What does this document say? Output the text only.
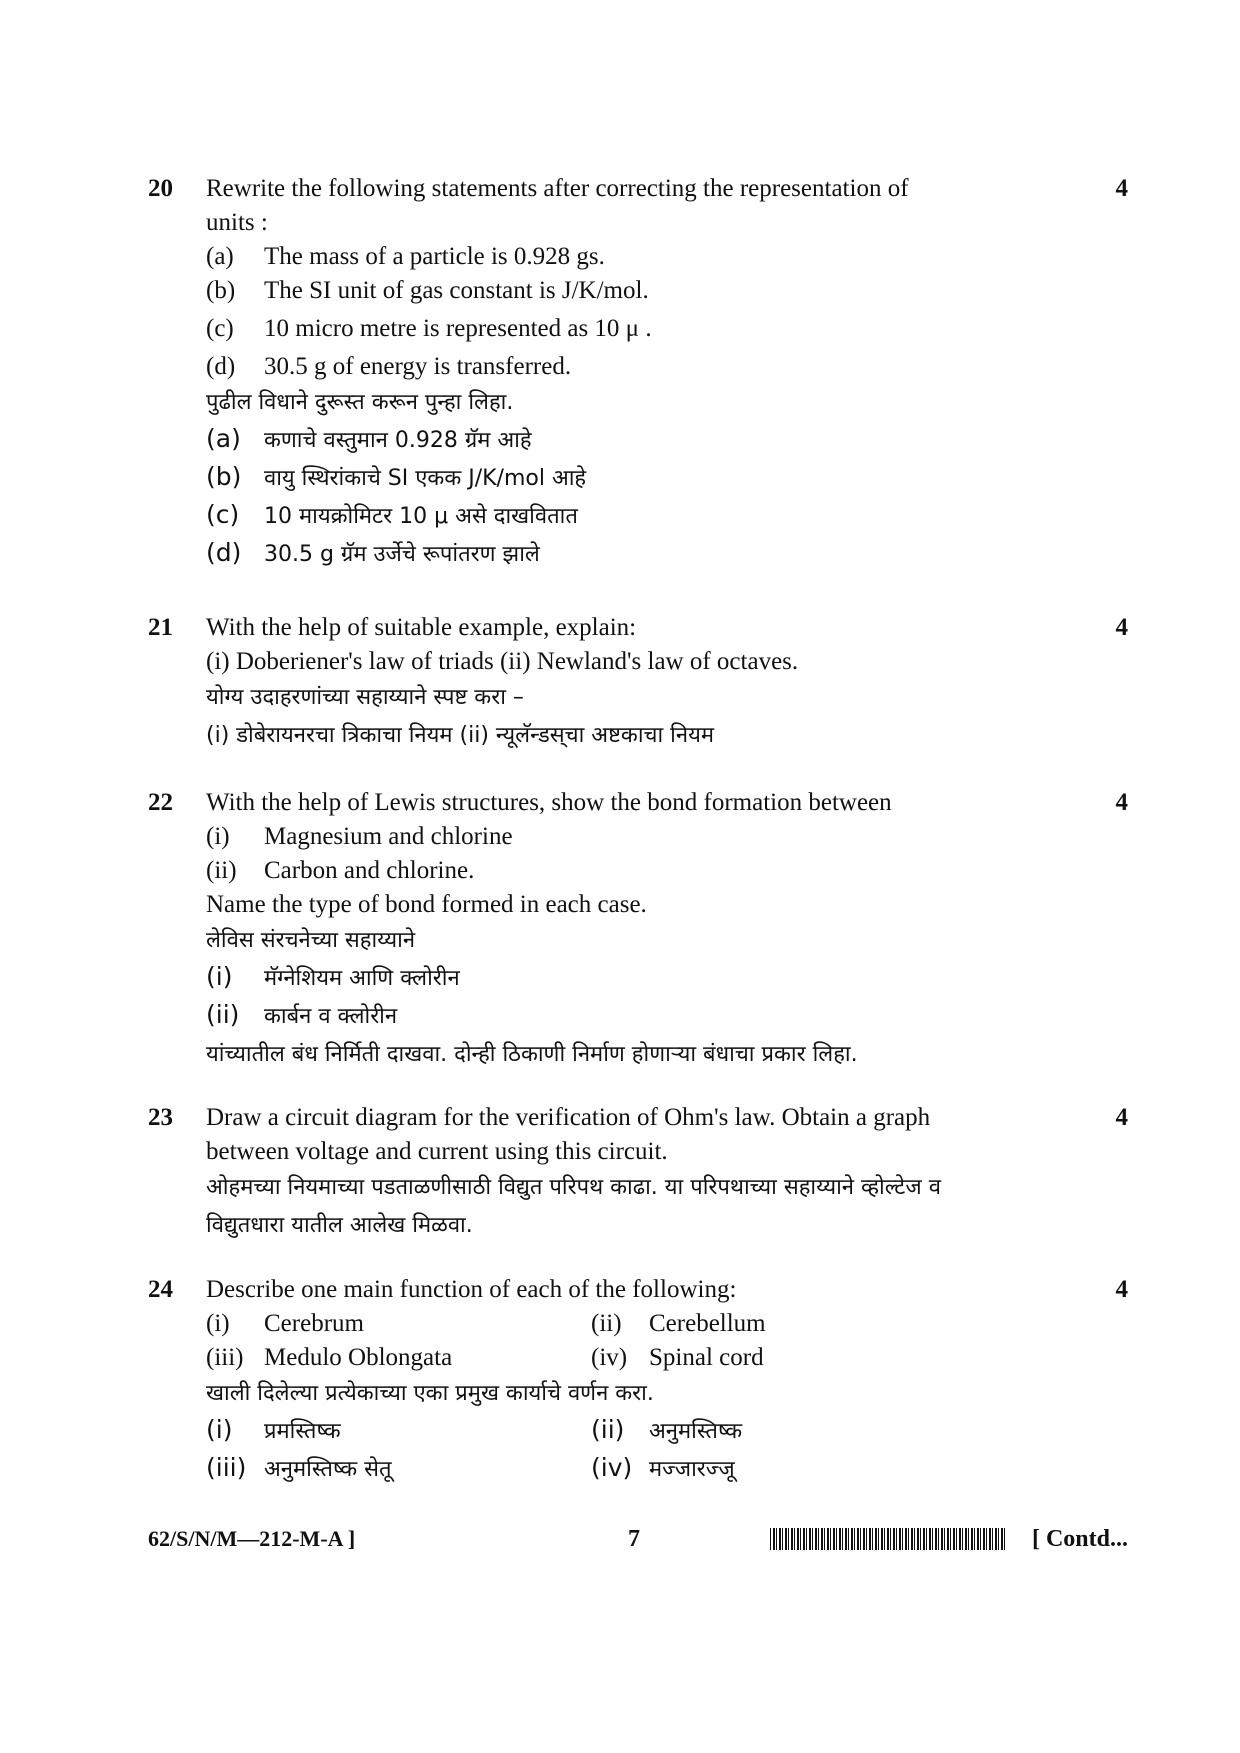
20	4
Rewrite the following statements after correcting the representation of
units :
(a)	The mass of a particle is 0.928 gs.
(b)	The SI unit of gas constant is J/K/mol.
(c)	10 micro metre is represented as 10 μ .
(d)	30.5 g of energy is transferred.
पुढील विधाने दुरूस्त करून पुन्हा लिहा.
(a)	कणाचे वस्तुमान 0.928 ग्रॅम आहे
(b)	वायु स्थिरांकाचे SI एकक J/K/mol आहे
(c)	10 मायक्रोमिटर 10 μ असे दाखवितात
(d)	30.5 g ग्रॅम उर्जेचे रूपांतरण झाले
21	4
With the help of suitable example, explain:
(i) Doberiener's law of triads (ii) Newland's law of octaves.
योग्य उदाहरणांच्या सहाय्याने स्पष्ट करा –
(i) डोबेरायनरचा त्रिकाचा नियम (ii) न्यूलॅन्डस्‌चा अष्टकाचा नियम
22	4
With the help of Lewis structures, show the bond formation between
(i)	Magnesium and chlorine
(ii)	Carbon and chlorine.
Name the type of bond formed in each case.
लेविस संरचनेच्या सहाय्याने
(i)	मॅग्नेशियम आणि क्लोरीन
(ii)	कार्बन व क्लोरीन
यांच्यातील बंध निर्मिती दाखवा. दोन्ही ठिकाणी निर्माण होणाऱ्या बंधाचा प्रकार लिहा.
23	4
Draw a circuit diagram for the verification of Ohm's law. Obtain a graph
between voltage and current using this circuit.
ओहमच्या नियमाच्या पडताळणीसाठी विद्युत परिपथ काढा. या परिपथाच्या सहाय्याने व्होल्टेज व
विद्युतधारा यातील आलेख मिळवा.
24	4
Describe one main function of each of the following:
(i)	Cerebrum	(ii)	Cerebellum
(iii) Medulo Oblongata	(iv) Spinal cord
खाली दिलेल्या प्रत्येकाच्या एका प्रमुख कार्याचे वर्णन करा.
(i)	प्रमस्तिष्क	(ii)	अनुमस्तिष्क
(iii) अनुमस्तिष्क सेतू	(iv) मज्जारज्जू
62/S/N/M—212-M-A ]	7	[ Contd...
